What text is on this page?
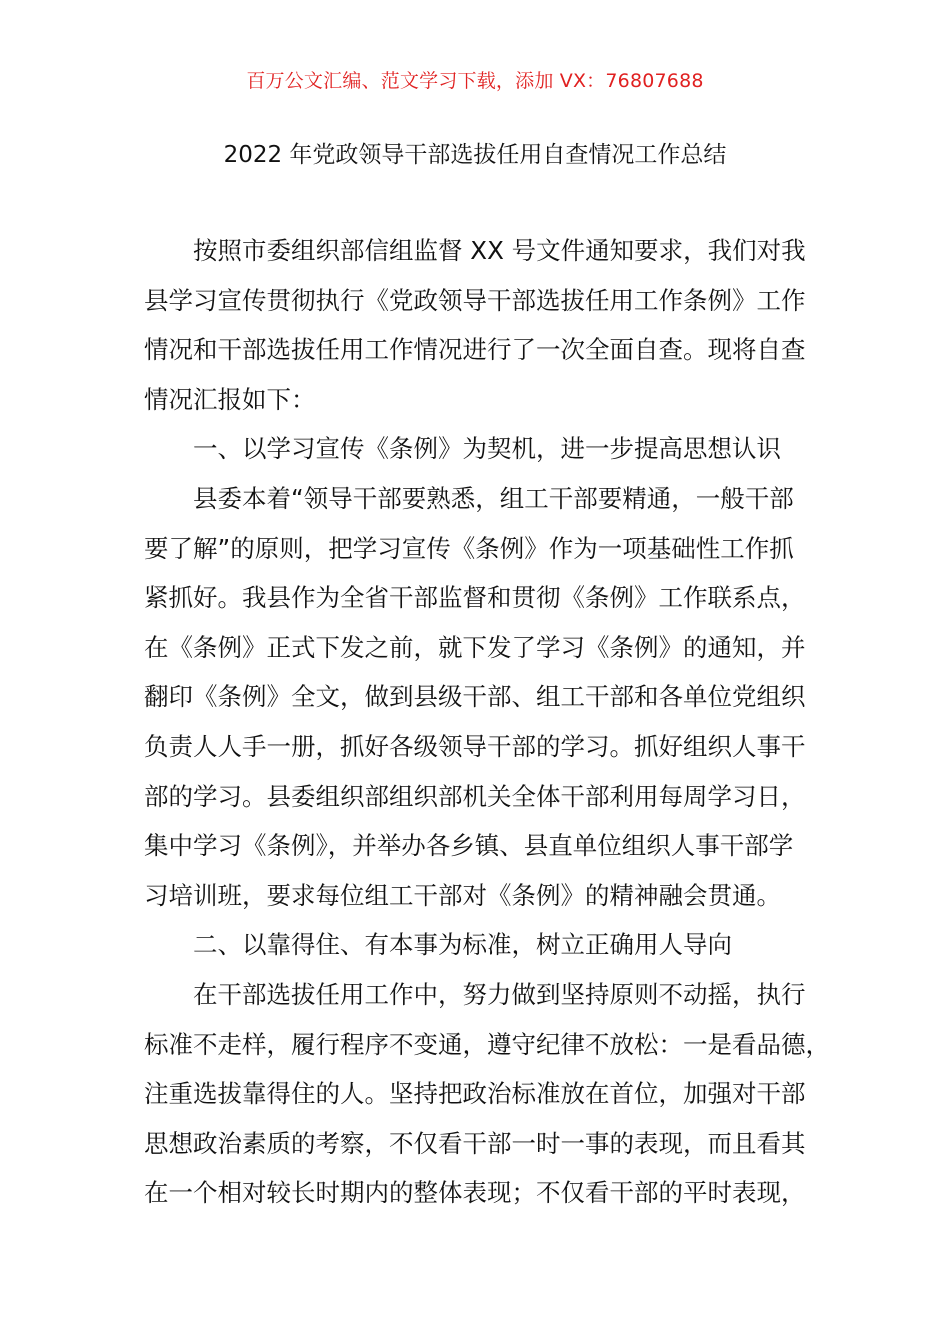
百万公文汇编、范文学习下载，添加 VX：76807688
2022 年党政领导干部选拔任用自查情况工作总结
按照市委组织部信组监督 XX 号文件通知要求，我们对我
县学习宣传贯彻执行《党政领导干部选拔任用工作条例》工作
情况和干部选拔任用工作情况进行了一次全面自查。现将自查
情况汇报如下：
一、以学习宣传《条例》为契机，进一步提高思想认识
县委本着“领导干部要熟悉，组工干部要精通，一般干部
要了解”的原则，把学习宣传《条例》作为一项基础性工作抓
紧抓好。我县作为全省干部监督和贯彻《条例》工作联系点，
在《条例》正式下发之前，就下发了学习《条例》的通知，并
翻印《条例》全文，做到县级干部、组工干部和各单位党组织
负责人人手一册，抓好各级领导干部的学习。抓好组织人事干
部的学习。县委组织部组织部机关全体干部利用每周学习日，
集中学习《条例》，并举办各乡镇、县直单位组织人事干部学
习培训班，要求每位组工干部对《条例》的精神融会贯通。
二、以靠得住、有本事为标准，树立正确用人导向
在干部选拔任用工作中，努力做到坚持原则不动摇，执行
标准不走样，履行程序不变通，遵守纪律不放松：一是看品德，
注重选拔靠得住的人。坚持把政治标准放在首位，加强对干部
思想政治素质的考察，不仅看干部一时一事的表现，而且看其
在一个相对较长时期内的整体表现；不仅看干部的平时表现，
